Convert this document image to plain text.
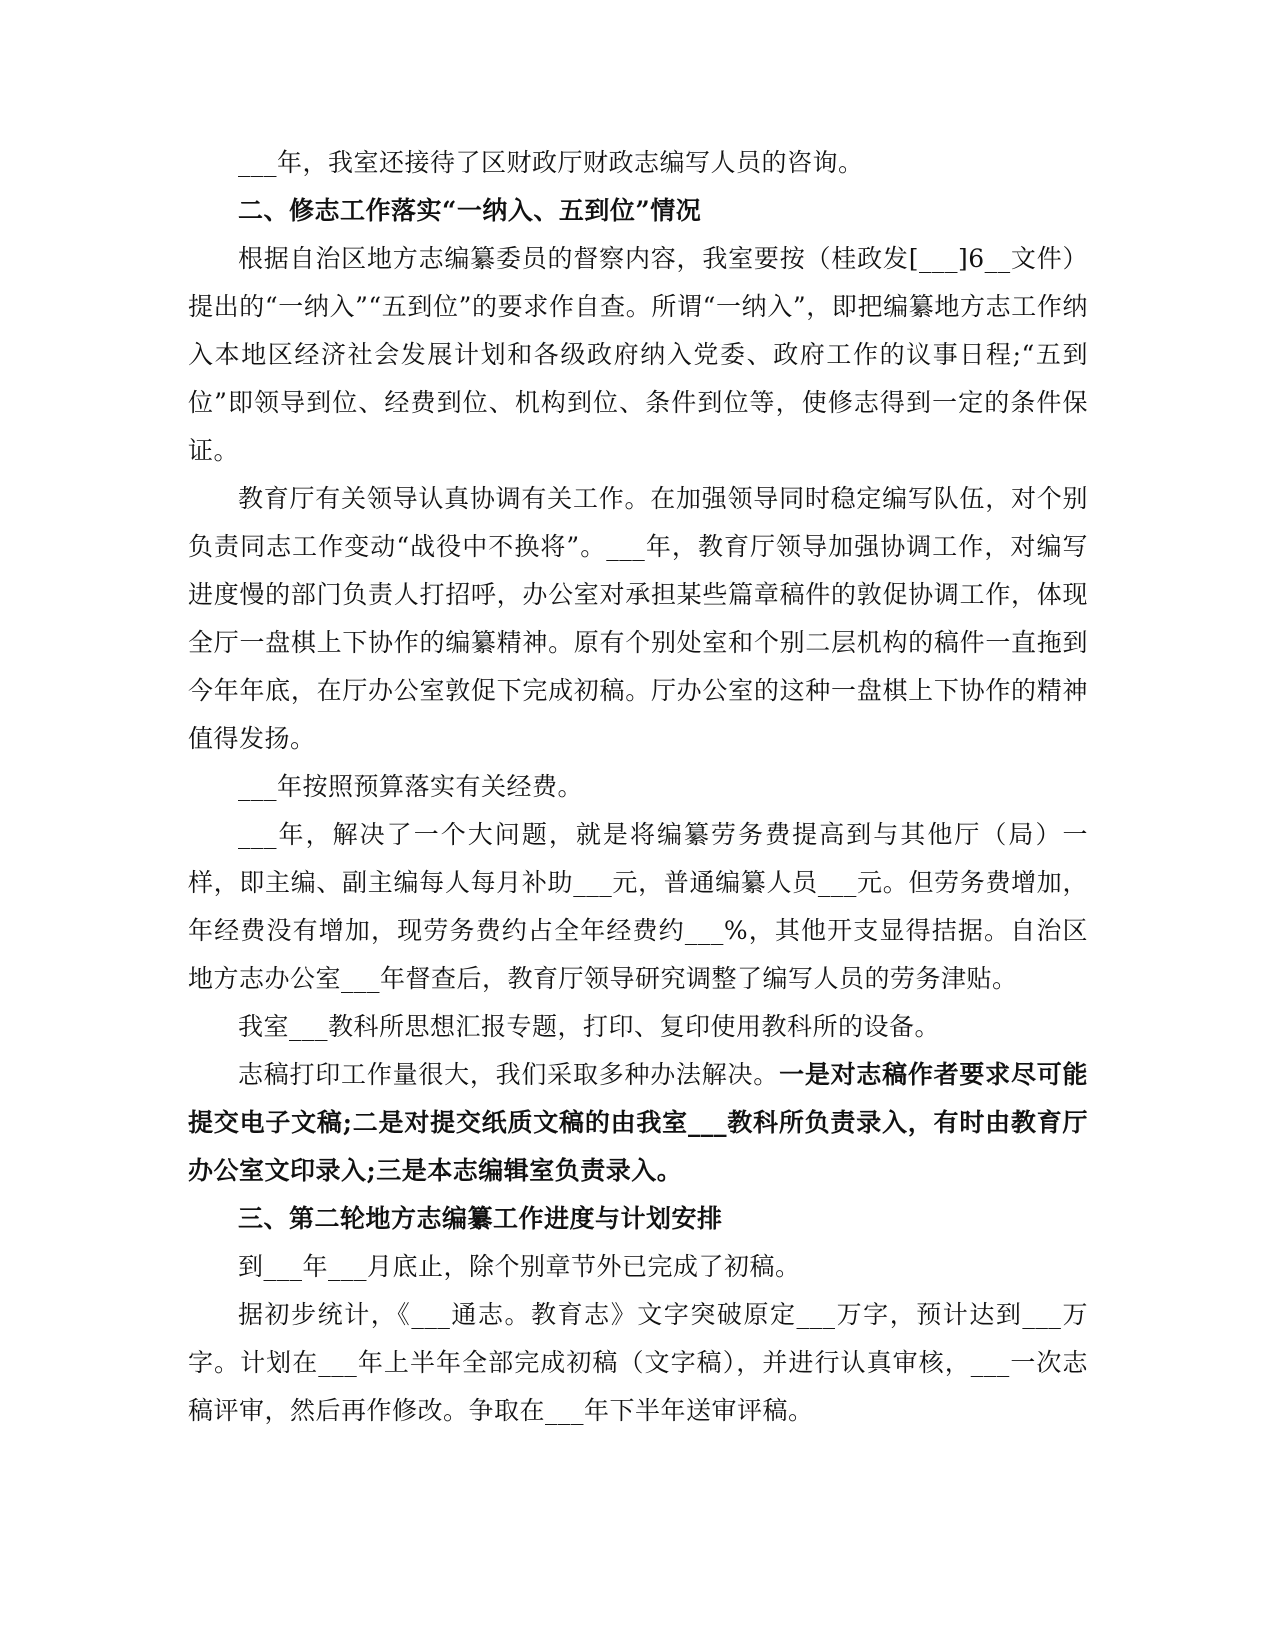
___年，我室还接待了区财政厅财政志编写人员的咨询。

二、修志工作落实“一纳入、五到位”情况

根据自治区地方志编纂委员的督察内容，我室要按（桂政发[___]6__文件）提出的“一纳入”“五到位”的要求作自查。所谓“一纳入”，即把编纂地方志工作纳入本地区经济社会发展计划和各级政府纳入党委、政府工作的议事日程;“五到位”即领导到位、经费到位、机构到位、条件到位等，使修志得到一定的条件保证。

教育厅有关领导认真协调有关工作。在加强领导同时稳定编写队伍，对个别负责同志工作变动“战役中不换将”。___年，教育厅领导加强协调工作，对编写进度慢的部门负责人打招呼，办公室对承担某些篇章稿件的敦促协调工作，体现全厅一盘棋上下协作的编纂精神。原有个别处室和个别二层机构的稿件一直拖到今年年底，在厅办公室敦促下完成初稿。厅办公室的这种一盘棋上下协作的精神值得发扬。

___年按照预算落实有关经费。

___年，解决了一个大问题，就是将编纂劳务费提高到与其他厅（局）一样，即主编、副主编每人每月补助___元，普通编纂人员___元。但劳务费增加，年经费没有增加，现劳务费约占全年经费约___%，其他开支显得拮据。自治区地方志办公室___年督查后，教育厅领导研究调整了编写人员的劳务津贴。

我室___教科所思想汇报专题，打印、复印使用教科所的设备。

志稿打印工作量很大，我们采取多种办法解决。一是对志稿作者要求尽可能提交电子文稿;二是对提交纸质文稿的由我室___教科所负责录入，有时由教育厅办公室文印录入;三是本志编辑室负责录入。

三、第二轮地方志编纂工作进度与计划安排

到___年___月底止，除个别章节外已完成了初稿。

据初步统计，《___通志。教育志》文字突破原定___万字，预计达到___万字。计划在___年上半年全部完成初稿（文字稿），并进行认真审核，___一次志稿评审，然后再作修改。争取在___年下半年送审评稿。
